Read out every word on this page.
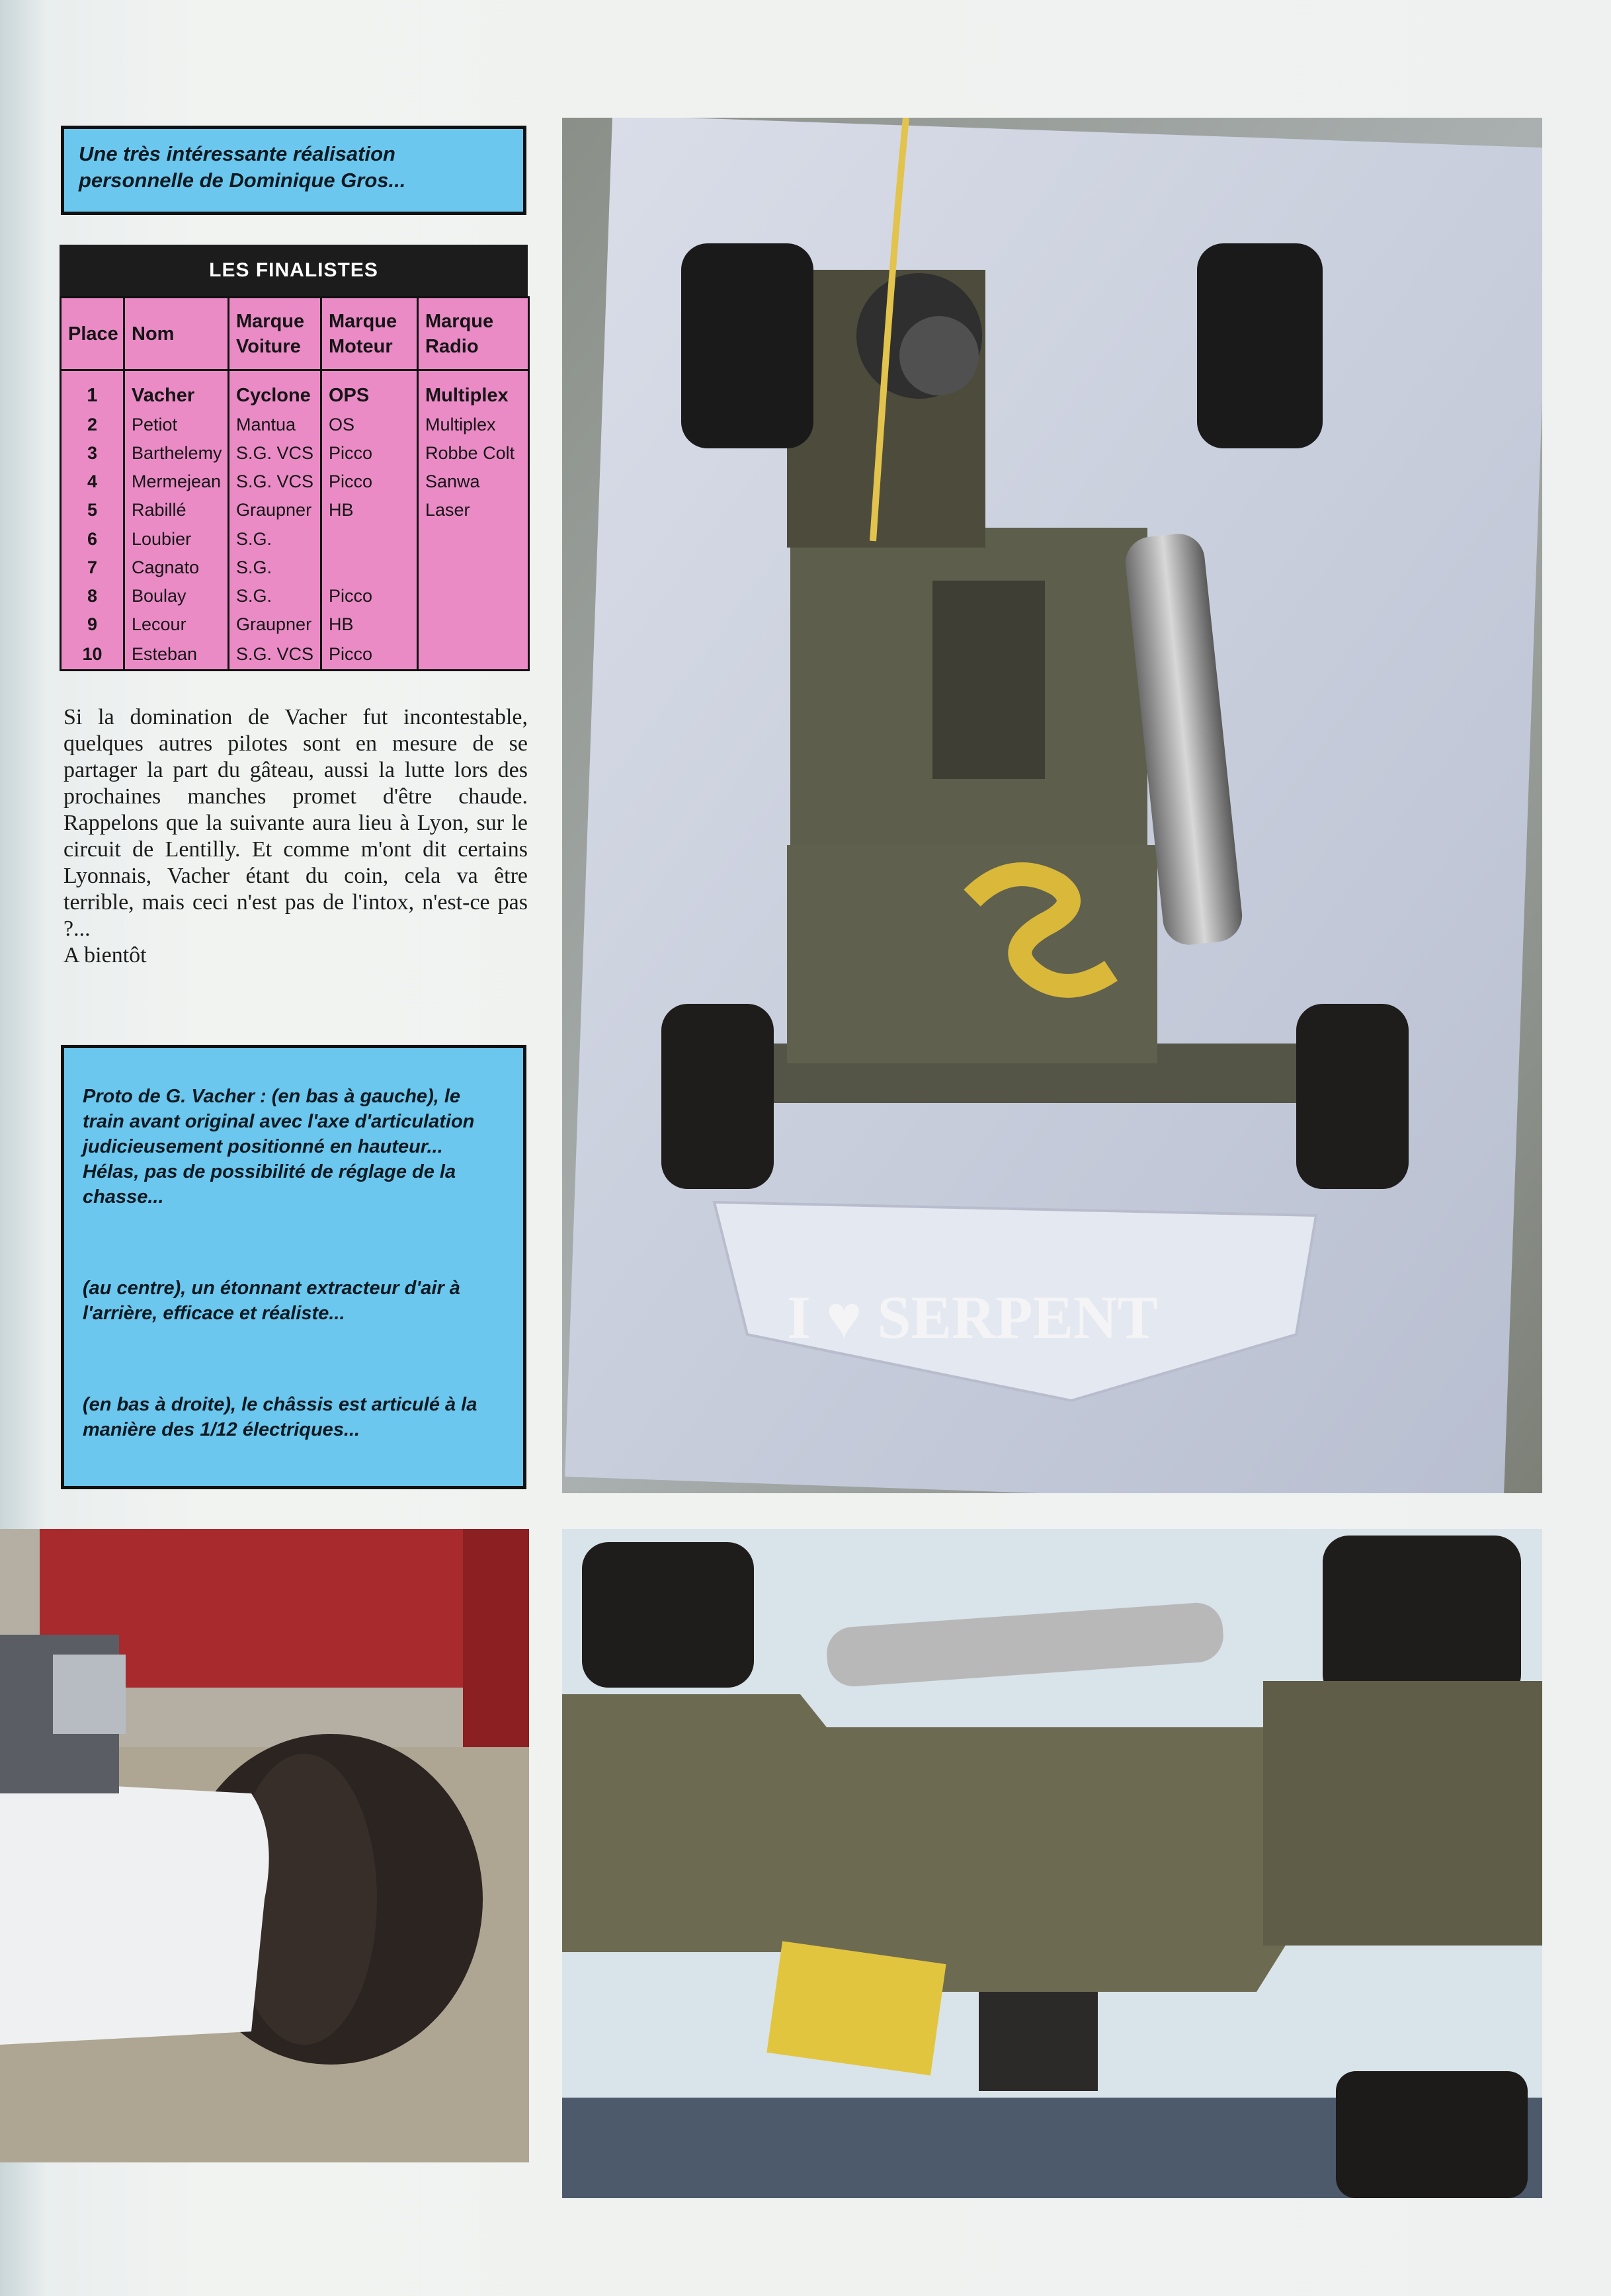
Une très intéressante réalisation personnelle de Dominique Gros...
LES FINALISTES
Place	Nom	Marque Voiture	Marque Moteur	Marque Radio
1	Vacher	Cyclone	OPS	Multiplex
2	Petiot	Mantua	OS	Multiplex
3	Barthelemy	S.G. VCS	Picco	Robbe Colt
4	Mermejean	S.G. VCS	Picco	Sanwa
5	Rabillé	Graupner	HB	Laser
6	Loubier	S.G.		
7	Cagnato	S.G.		
8	Boulay	S.G.	Picco	
9	Lecour	Graupner	HB	
10	Esteban	S.G. VCS	Picco	
Si la domination de Vacher fut incontestable, quelques autres pilotes sont en mesure de se partager la part du gâteau, aussi la lutte lors des prochaines manches promet d'être chaude. Rappelons que la suivante aura lieu à Lyon, sur le circuit de Lentilly. Et comme m'ont dit certains Lyonnais, Vacher étant du coin, cela va être terrible, mais ceci n'est pas de l'intox, n'est-ce pas ?...
A bientôt

Proto de G. Vacher : (en bas à gauche), le train avant original avec l'axe d'articulation judicieusement positionné en hauteur... Hélas, pas de possibilité de réglage de la chasse...

(au centre), un étonnant extracteur d'air à l'arrière, efficace et réaliste...

(en bas à droite), le châssis est articulé à la manière des 1/12 électriques...

I ♥ SERPENT
